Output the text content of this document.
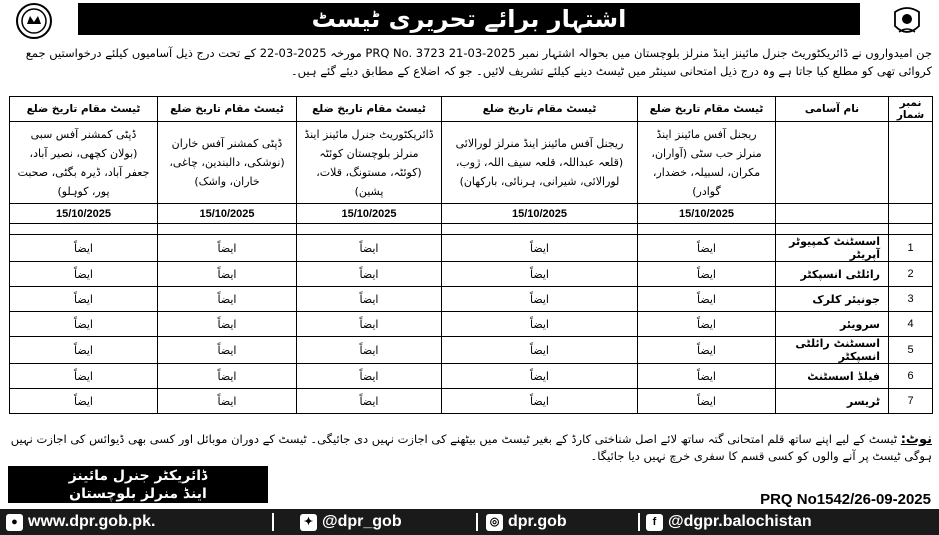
اشتہار برائے تحریری ٹیسٹ
جن امیدواروں نے ڈائریکٹوریٹ جنرل مائینز اینڈ منرلز بلوچستان میں بحوالہ اشتہار نمبر 2025-03-21 PRQ No. 3723 مورخہ 2025-03-22 کے تحت درج ذیل آسامیوں کیلئے درخواستیں جمع کروائی تھی کو مطلع کیا جاتا ہے وہ درج ذیل امتحانی سینٹر میں ٹیسٹ دینے کیلئے تشریف لائیں۔ جو کہ اضلاع کے مطابق دیئے گئے ہیں۔
نمبر شمار	نام آسامی	ٹیسٹ مقام تاریخ ضلع	ٹیسٹ مقام تاریخ ضلع	ٹیسٹ مقام تاریخ ضلع	ٹیسٹ مقام تاریخ ضلع	ٹیسٹ مقام تاریخ ضلع
		ریجنل آفس مائینز اینڈ منرلز حب سٹی (آواران، مکران، لسبیلہ، خضدار، گوادر)	ریجنل آفس مائینز اینڈ منرلز لورالائی (قلعہ عبداللہ، قلعہ سیف اللہ، ژوب، لورالائی، شیرانی، ہرنائی، بارکھان)	ڈائریکٹوریٹ جنرل مائینز اینڈ منرلز بلوچستان کوئٹہ (کوئٹہ، مستونگ، قلات، پشین)	ڈپٹی کمشنر آفس خاران (نوشکی، دالبندین، چاغی، خاران، واشک)	ڈپٹی کمشنر آفس سبی (بولان کچھی، نصیر آباد، جعفر آباد، ڈیرہ بگٹی، صحبت پور، کوہلو)
		15/10/2025	15/10/2025	15/10/2025	15/10/2025	15/10/2025

1	اسسٹنٹ کمپیوٹر آپریٹر	ایضاً	ایضاً	ایضاً	ایضاً	ایضاً
2	رائلٹی انسپکٹر	ایضاً	ایضاً	ایضاً	ایضاً	ایضاً
3	جونیئر کلرک	ایضاً	ایضاً	ایضاً	ایضاً	ایضاً
4	سرویئر	ایضاً	ایضاً	ایضاً	ایضاً	ایضاً
5	اسسٹنٹ رائلٹی انسپکٹر	ایضاً	ایضاً	ایضاً	ایضاً	ایضاً
6	فیلڈ اسسٹنٹ	ایضاً	ایضاً	ایضاً	ایضاً	ایضاً
7	ٹریسر	ایضاً	ایضاً	ایضاً	ایضاً	ایضاً
نوٹ: ٹیسٹ کے لیے اپنے ساتھ قلم امتحانی گتہ ساتھ لائے اصل شناختی کارڈ کے بغیر ٹیسٹ میں بیٹھنے کی اجازت نہیں دی جائیگی۔ ٹیسٹ کے دوران موبائل اور کسی بھی ڈیوائس کی اجازت نہیں ہوگی ٹیسٹ پر آنے والوں کو کسی قسم کا سفری خرچ نہیں دیا جائیگا۔
ڈائریکٹر جنرل مائینز
اینڈ منرلز بلوچستان	PRQ No1542/26-09-2025
● www.dpr.gob.pk.	✦ @dpr_gob	◎ dpr.gob	f @dgpr.balochistan
